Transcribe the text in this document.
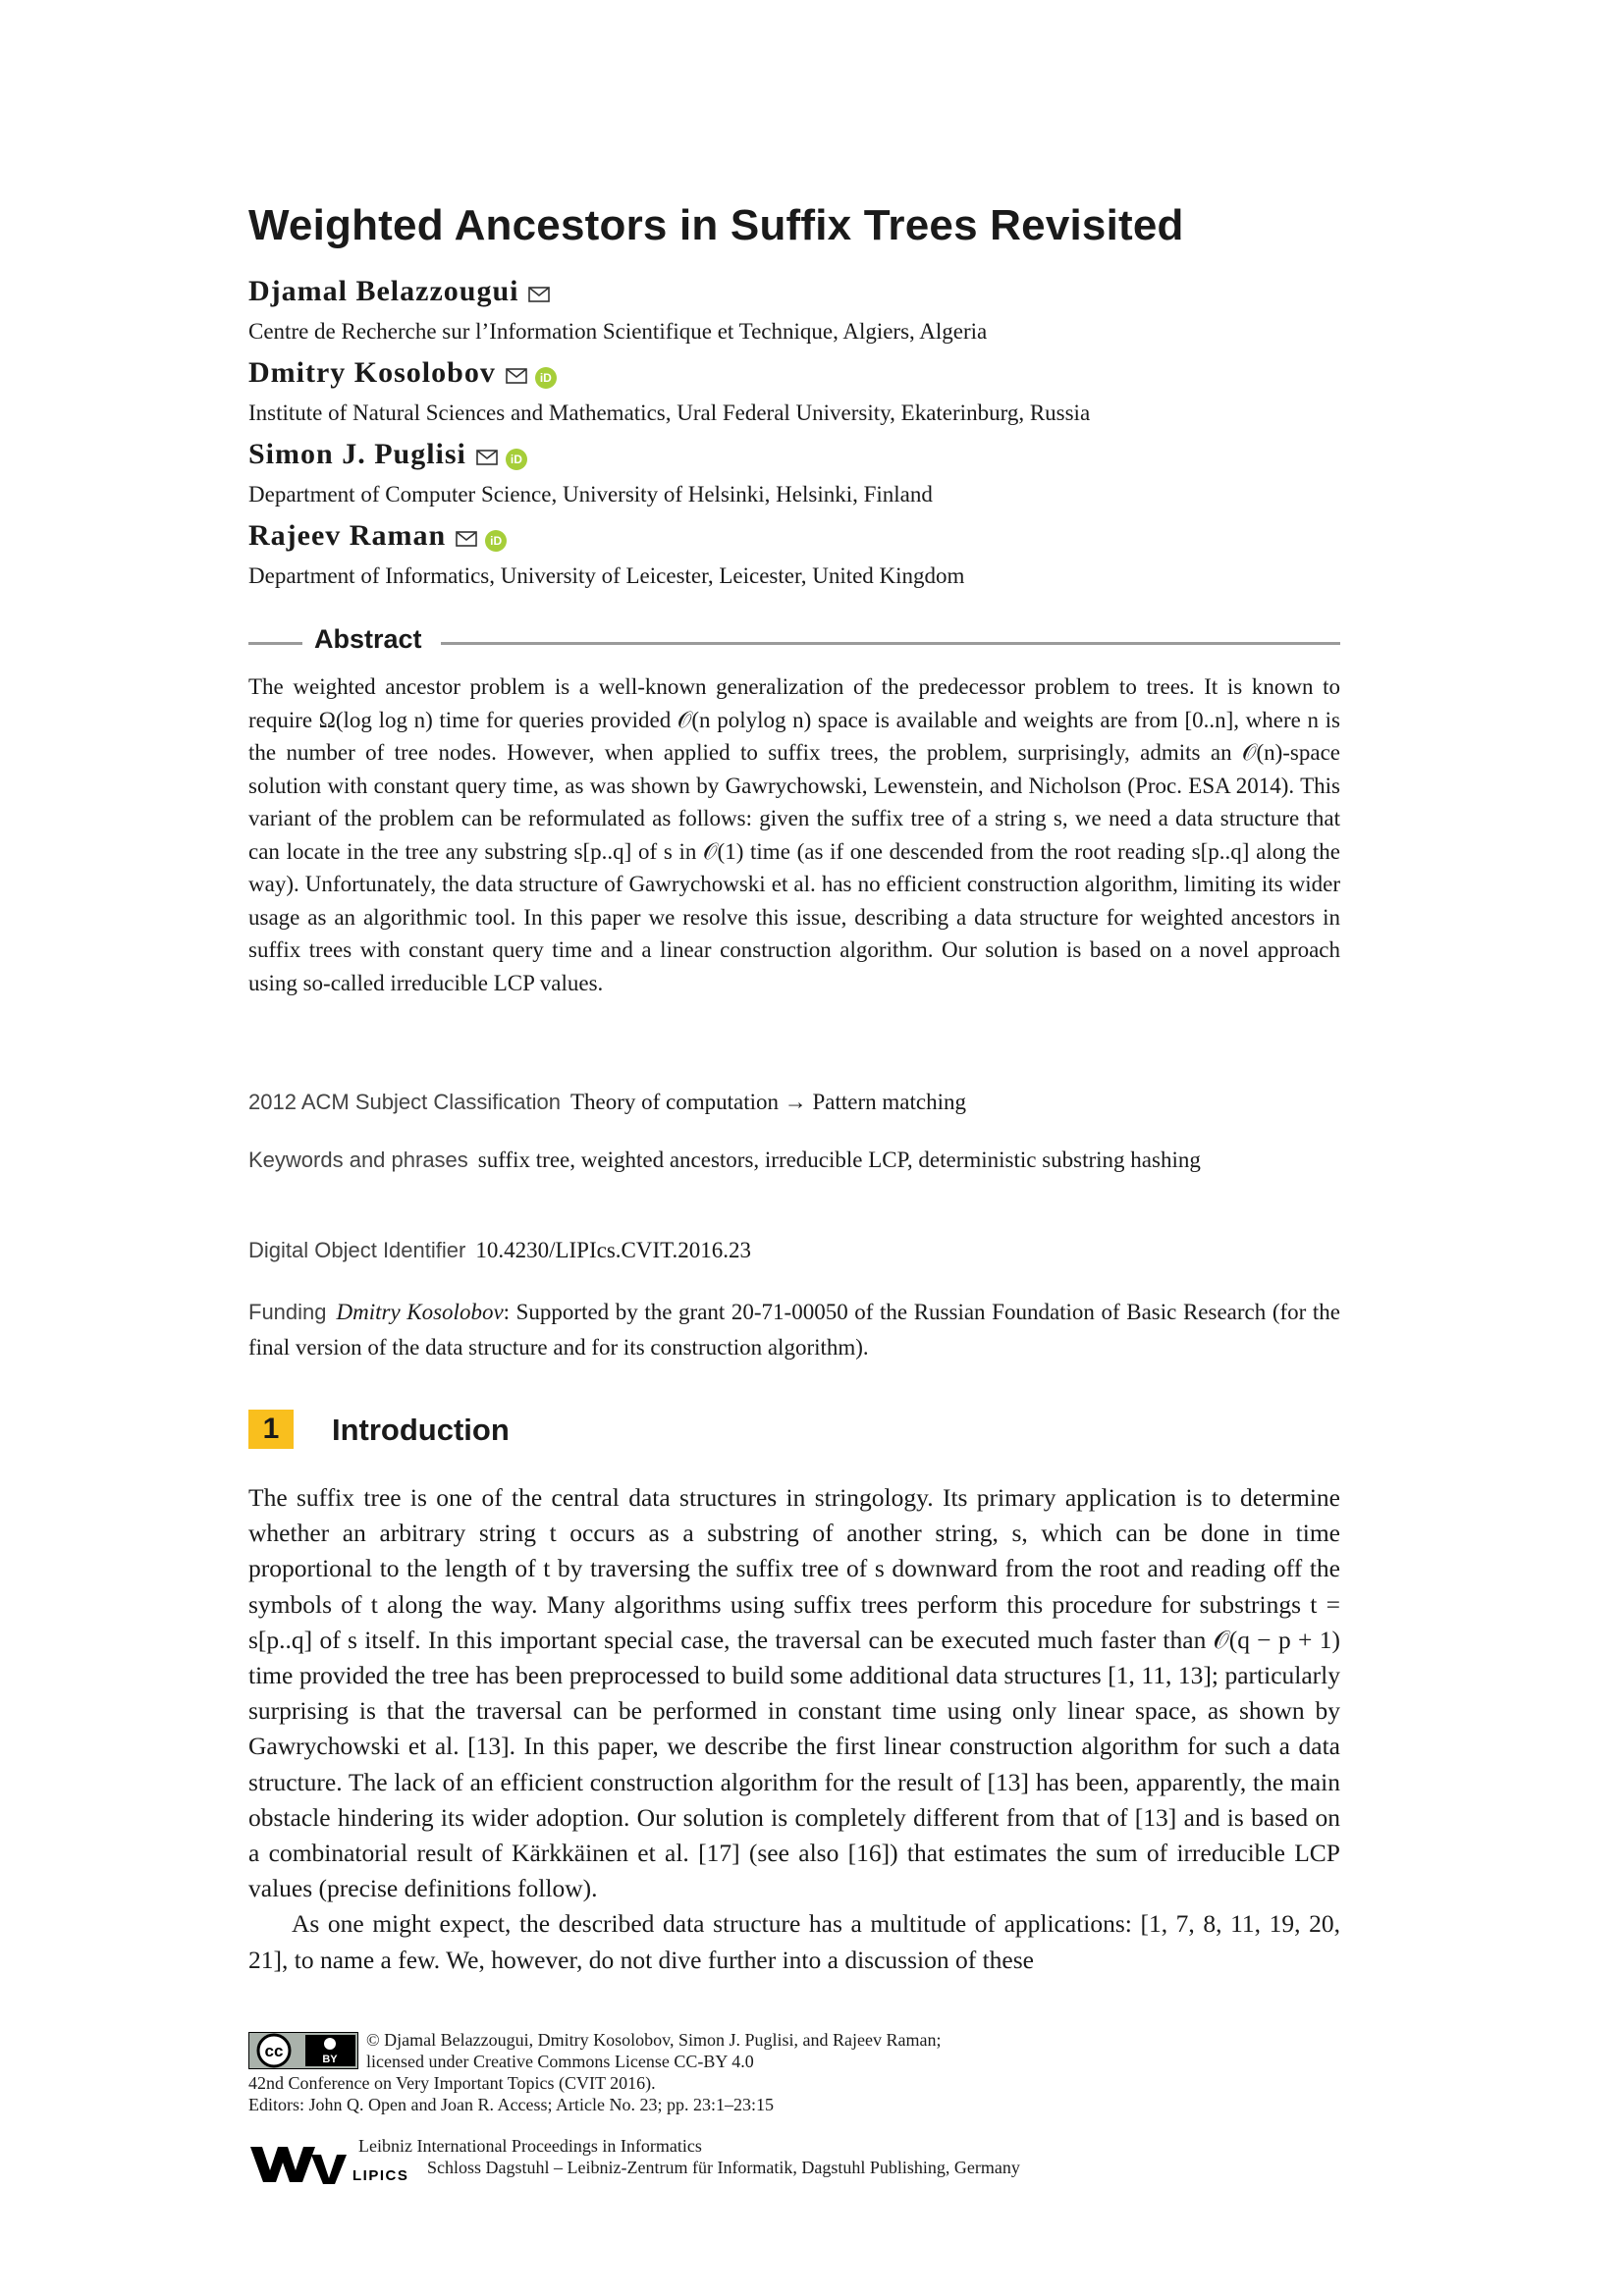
Weighted Ancestors in Suffix Trees Revisited
Djamal Belazzougui
Centre de Recherche sur l’Information Scientifique et Technique, Algiers, Algeria
Dmitry Kosolobov	iD
Institute of Natural Sciences and Mathematics, Ural Federal University, Ekaterinburg, Russia
Simon J. Puglisi	iD
Department of Computer Science, University of Helsinki, Helsinki, Finland
Rajeev Raman	iD
Department of Informatics, University of Leicester, Leicester, United Kingdom
Abstract
The weighted ancestor problem is a well-known generalization of the predecessor problem to trees. It is known to require Ω(log log n) time for queries provided 𝒪(n polylog n) space is available and weights are from [0..n], where n is the number of tree nodes. However, when applied to suffix trees, the problem, surprisingly, admits an 𝒪(n)-space solution with constant query time, as was shown by Gawrychowski, Lewenstein, and Nicholson (Proc. ESA 2014). This variant of the problem can be reformulated as follows: given the suffix tree of a string s, we need a data structure that can locate in the tree any substring s[p..q] of s in 𝒪(1) time (as if one descended from the root reading s[p..q] along the way). Unfortunately, the data structure of Gawrychowski et al. has no efficient construction algorithm, limiting its wider usage as an algorithmic tool. In this paper we resolve this issue, describing a data structure for weighted ancestors in suffix trees with constant query time and a linear construction algorithm. Our solution is based on a novel approach using so-called irreducible LCP values.
2012 ACM Subject Classification Theory of computation → Pattern matching
Keywords and phrases suffix tree, weighted ancestors, irreducible LCP, deterministic substring hashing
Digital Object Identifier 10.4230/LIPIcs.CVIT.2016.23
Funding Dmitry Kosolobov: Supported by the grant 20-71-00050 of the Russian Foundation of Basic Research (for the final version of the data structure and for its construction algorithm).
1	Introduction

The suffix tree is one of the central data structures in stringology. Its primary application is to determine whether an arbitrary string t occurs as a substring of another string, s, which can be done in time proportional to the length of t by traversing the suffix tree of s downward from the root and reading off the symbols of t along the way. Many algorithms using suffix trees perform this procedure for substrings t = s[p..q] of s itself. In this important special case, the traversal can be executed much faster than 𝒪(q − p + 1) time provided the tree has been preprocessed to build some additional data structures [1, 11, 13]; particularly surprising is that the traversal can be performed in constant time using only linear space, as shown by Gawrychowski et al. [13]. In this paper, we describe the first linear construction algorithm for such a data structure. The lack of an efficient construction algorithm for the result of [13] has been, apparently, the main obstacle hindering its wider adoption. Our solution is completely different from that of [13] and is based on a combinatorial result of Kärkkäinen et al. [17] (see also [16]) that estimates the sum of irreducible LCP values (precise definitions follow).

As one might expect, the described data structure has a multitude of applications: [1, 7, 8, 11, 19, 20, 21], to name a few. We, however, do not dive further into a discussion of these

cc	BY
© Djamal Belazzougui, Dmitry Kosolobov, Simon J. Puglisi, and Rajeev Raman;
licensed under Creative Commons License CC-BY 4.0
42nd Conference on Very Important Topics (CVIT 2016).
Editors: John Q. Open and Joan R. Access; Article No. 23; pp. 23:1–23:15
LIPICS
Leibniz International Proceedings in Informatics
Schloss Dagstuhl – Leibniz-Zentrum für Informatik, Dagstuhl Publishing, Germany
